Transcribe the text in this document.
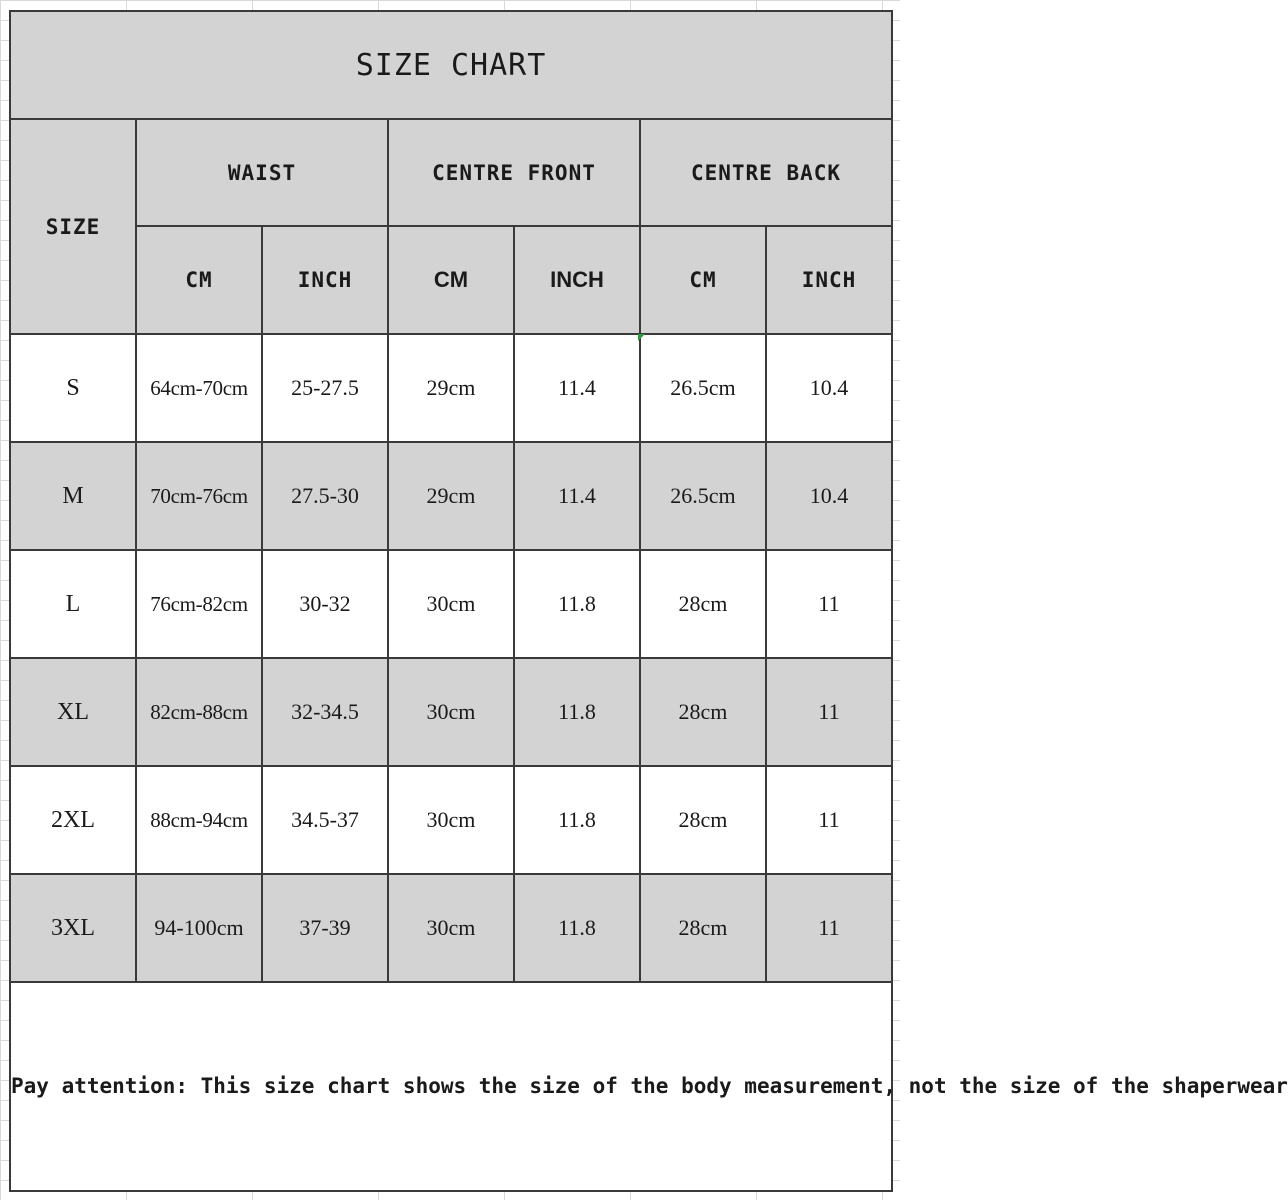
SIZE CHART						
SIZE	WAIST		CENTRE FRONT		CENTRE BACK	
	CM	INCH	CM	INCH	CM	INCH
S	64cm-70cm	25-27.5	29cm	11.4	26.5cm	10.4
M	70cm-76cm	27.5-30	29cm	11.4	26.5cm	10.4
L	76cm-82cm	30-32	30cm	11.8	28cm	11
XL	82cm-88cm	32-34.5	30cm	11.8	28cm	11
2XL	88cm-94cm	34.5-37	30cm	11.8	28cm	11
3XL	94-100cm	37-39	30cm	11.8	28cm	11
Pay attention: This size chart shows the size of the body measurement, not the size of the shaperwear						
